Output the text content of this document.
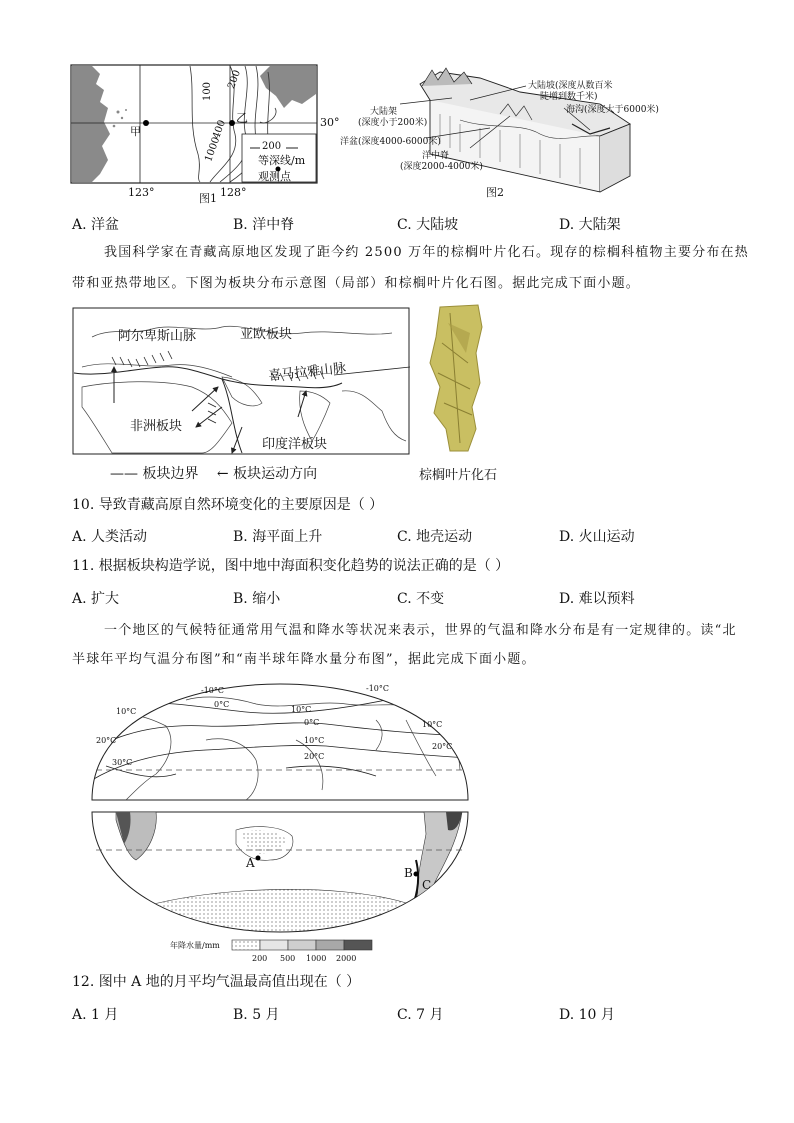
甲
乙	30°
123°	128°
100
200
400
1000	200
等深线/m
观测点
图1
大陆架
(深度小于200米)
大陆坡(深度从数百米
陡增到数千米)
海沟(深度大于6000米)
洋盆(深度4000-6000米)
洋中脊
(深度2000-4000米)
图2
A. 洋盆	B. 洋中脊	C. 大陆坡	D. 大陆架
我国科学家在青藏高原地区发现了距今约 2500 万年的棕榈叶片化石。现存的棕榈科植物主要分布在热
带和亚热带地区。下图为板块分布示意图（局部）和棕榈叶片化石图。据此完成下面小题。
阿尔卑斯山脉	亚欧板块
喜马拉雅山脉
非洲板块
印度洋板块
—— 板块边界 ← 板块运动方向	棕榈叶片化石
10. 导致青藏高原自然环境变化的主要原因是（ ）
A. 人类活动	B. 海平面上升	C. 地壳运动	D. 火山运动
11. 根据板块构造学说，图中地中海面积变化趋势的说法正确的是（ ）
A. 扩大	B. 缩小	C. 不变	D. 难以预料
一个地区的气候特征通常用气温和降水等状况来表示，世界的气温和降水分布是有一定规律的。读“北
半球年平均气温分布图”和“南半球年降水量分布图”，据此完成下面小题。
-10°C	-10°C
0°C
0°C
10°C	10°C
10°C
10°C
20°C
20°C
20°C
30°C
A
B
C
年降水量/mm
200 500 1000 2000
12. 图中 A 地的月平均气温最高值出现在（ ）
A. 1 月	B. 5 月	C. 7 月	D. 10 月
